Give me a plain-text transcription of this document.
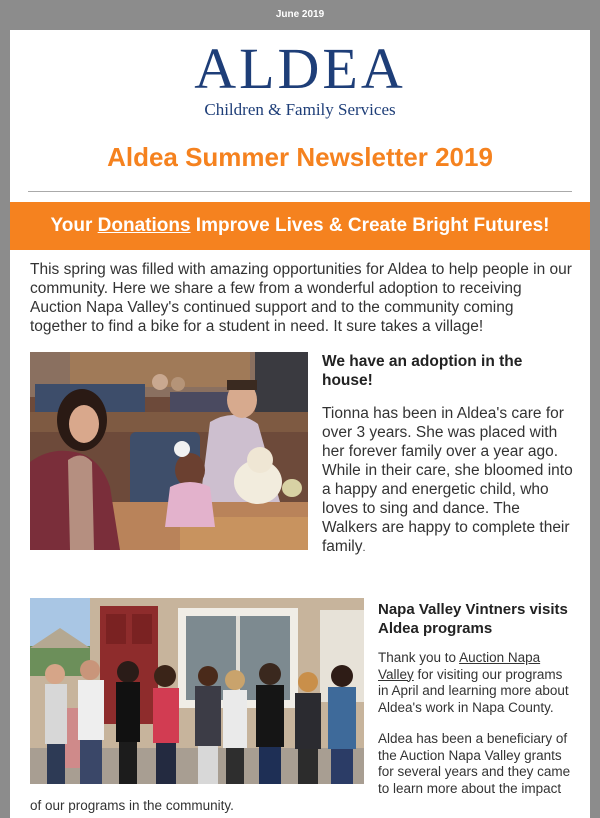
June 2019
ALDEA
Children & Family Services
Aldea Summer Newsletter 2019
Your Donations Improve Lives & Create Bright Futures!
This spring was filled with amazing opportunities for Aldea to help people in our community. Here we share a few from a wonderful adoption to receiving Auction Napa Valley's continued support and to the community coming together to find a bike for a student in need. It sure takes a village!
We have an adoption in the house!
Tionna has been in Aldea's care for over 3 years. She was placed with her forever family over a year ago. While in their care, she bloomed into a happy and energetic child, who loves to sing and dance. The Walkers are happy to complete their family.
Napa Valley Vintners visits Aldea programs

Thank you to Auction Napa Valley for visiting our programs in April and learning more about Aldea's work in Napa County.

Aldea has been a beneficiary of the Auction Napa Valley grants for several years and they came to learn more about the impact

of our programs in the community.
